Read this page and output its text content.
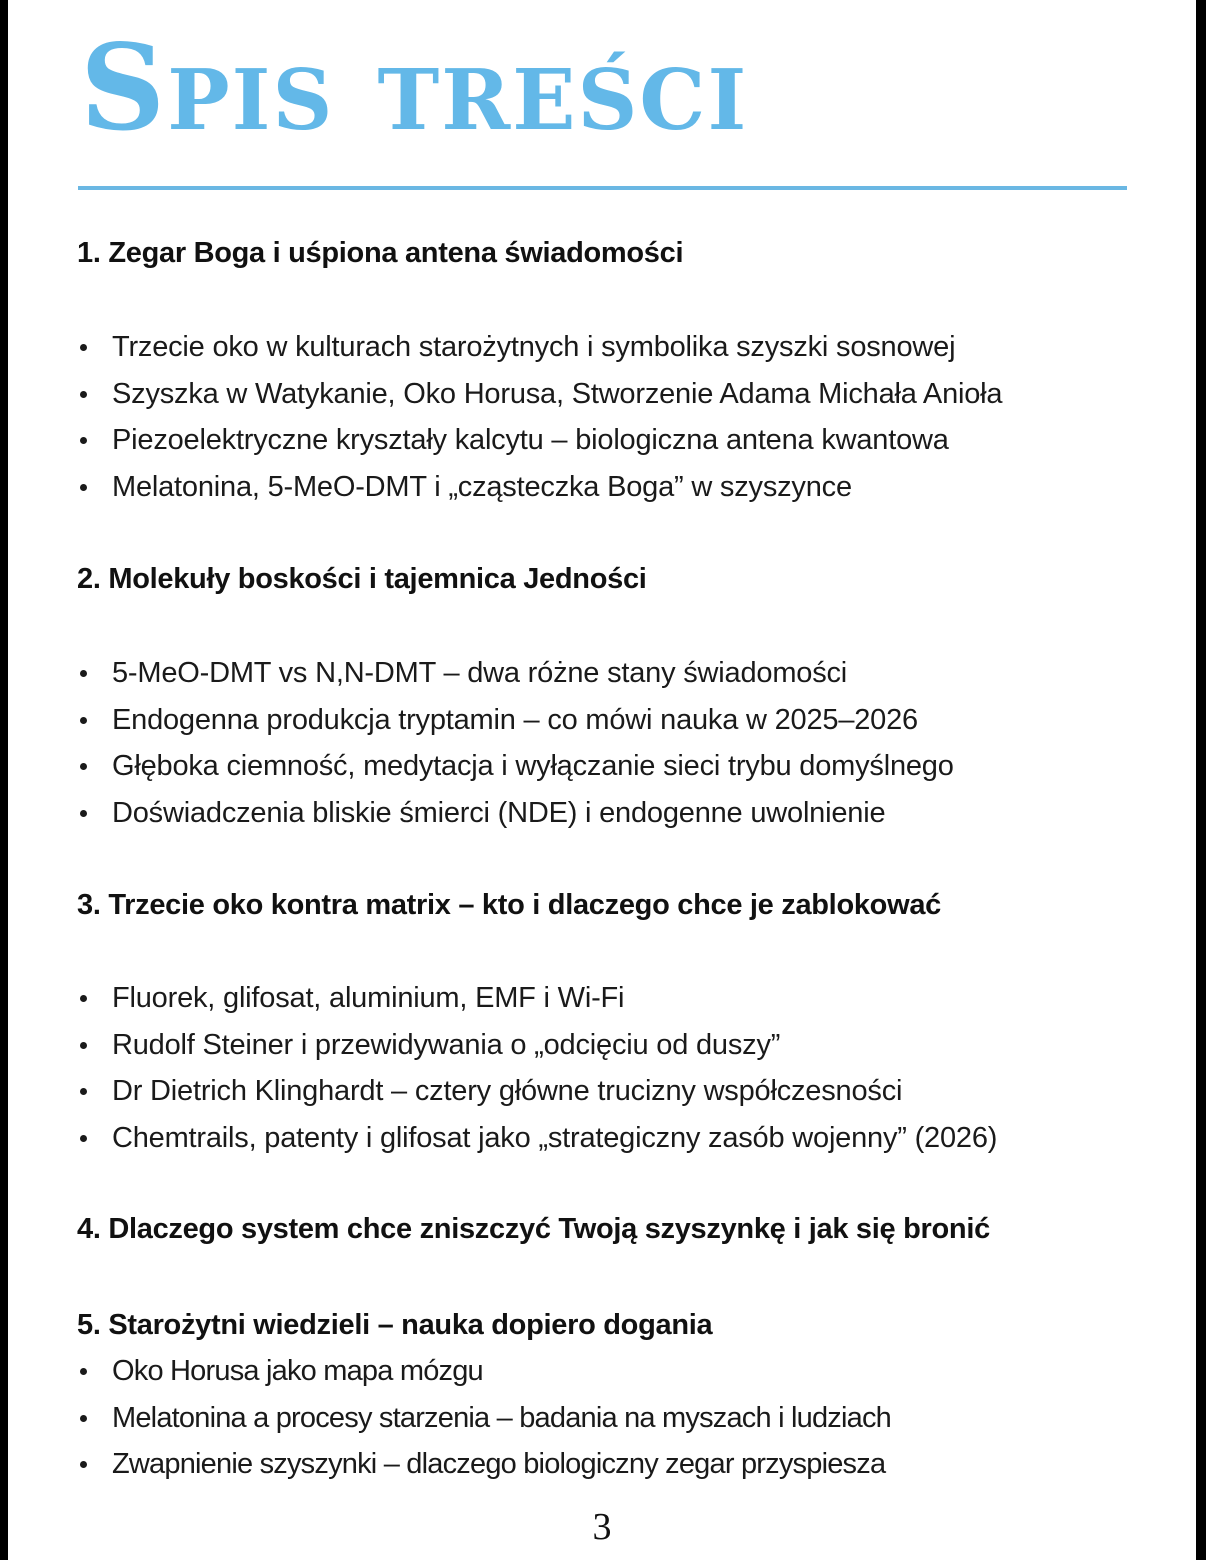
Spis treści
1. Zegar Boga i uśpiona antena świadomości
Trzecie oko w kulturach starożytnych i symbolika szyszki sosnowej
Szyszka w Watykanie, Oko Horusa, Stworzenie Adama Michała Anioła
Piezoelektryczne kryształy kalcytu – biologiczna antena kwantowa
Melatonina, 5-MeO-DMT i „cząsteczka Boga” w szyszynce
2. Molekuły boskości i tajemnica Jedności
5-MeO-DMT vs N,N-DMT – dwa różne stany świadomości
Endogenna produkcja tryptamin – co mówi nauka w 2025–2026
Głęboka ciemność, medytacja i wyłączanie sieci trybu domyślnego
Doświadczenia bliskie śmierci (NDE) i endogenne uwolnienie
3. Trzecie oko kontra matrix – kto i dlaczego chce je zablokować
Fluorek, glifosat, aluminium, EMF i Wi-Fi
Rudolf Steiner i przewidywania o „odcięciu od duszy”
Dr Dietrich Klinghardt – cztery główne trucizny współczesności
Chemtrails, patenty i glifosat jako „strategiczny zasób wojenny” (2026)
4. Dlaczego system chce zniszczyć Twoją szyszynkę i jak się bronić
5. Starożytni wiedzieli – nauka dopiero dogania
Oko Horusa jako mapa mózgu
Melatonina a procesy starzenia – badania na myszach i ludziach
Zwapnienie szyszynki – dlaczego biologiczny zegar przyspiesza
3
